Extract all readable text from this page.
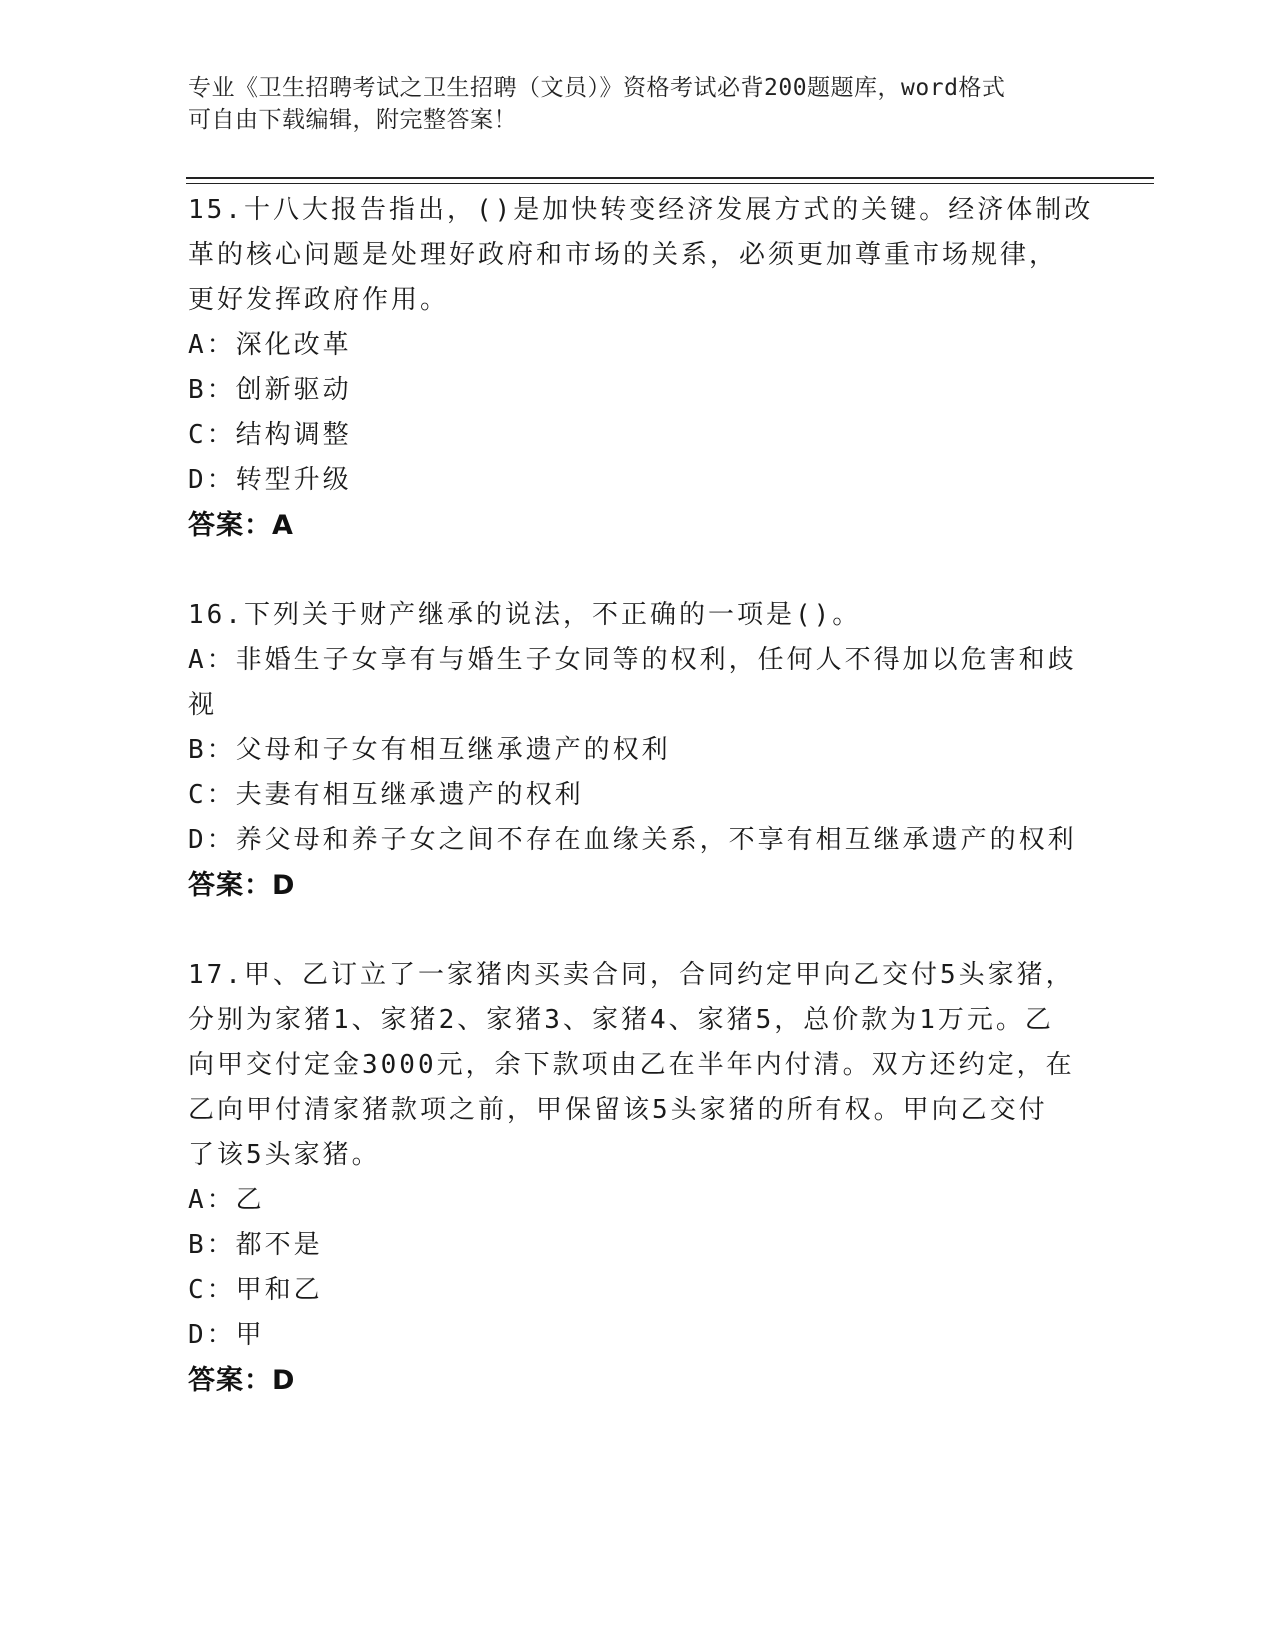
专业《卫生招聘考试之卫生招聘（文员）》资格考试必背200题题库，word格式
可自由下载编辑，附完整答案！
15.十八大报告指出，()是加快转变经济发展方式的关键。经济体制改
革的核心问题是处理好政府和市场的关系，必须更加尊重市场规律，
更好发挥政府作用。
A：深化改革
B：创新驱动
C：结构调整
D：转型升级
答案：A
16.下列关于财产继承的说法，不正确的一项是()。
A：非婚生子女享有与婚生子女同等的权利，任何人不得加以危害和歧
视
B：父母和子女有相互继承遗产的权利
C：夫妻有相互继承遗产的权利
D：养父母和养子女之间不存在血缘关系，不享有相互继承遗产的权利
答案：D
17.甲、乙订立了一家猪肉买卖合同，合同约定甲向乙交付5头家猪，
分别为家猪1、家猪2、家猪3、家猪4、家猪5，总价款为1万元。乙
向甲交付定金3000元，余下款项由乙在半年内付清。双方还约定，在
乙向甲付清家猪款项之前，甲保留该5头家猪的所有权。甲向乙交付
了该5头家猪。
A：乙
B：都不是
C：甲和乙
D：甲
答案：D
